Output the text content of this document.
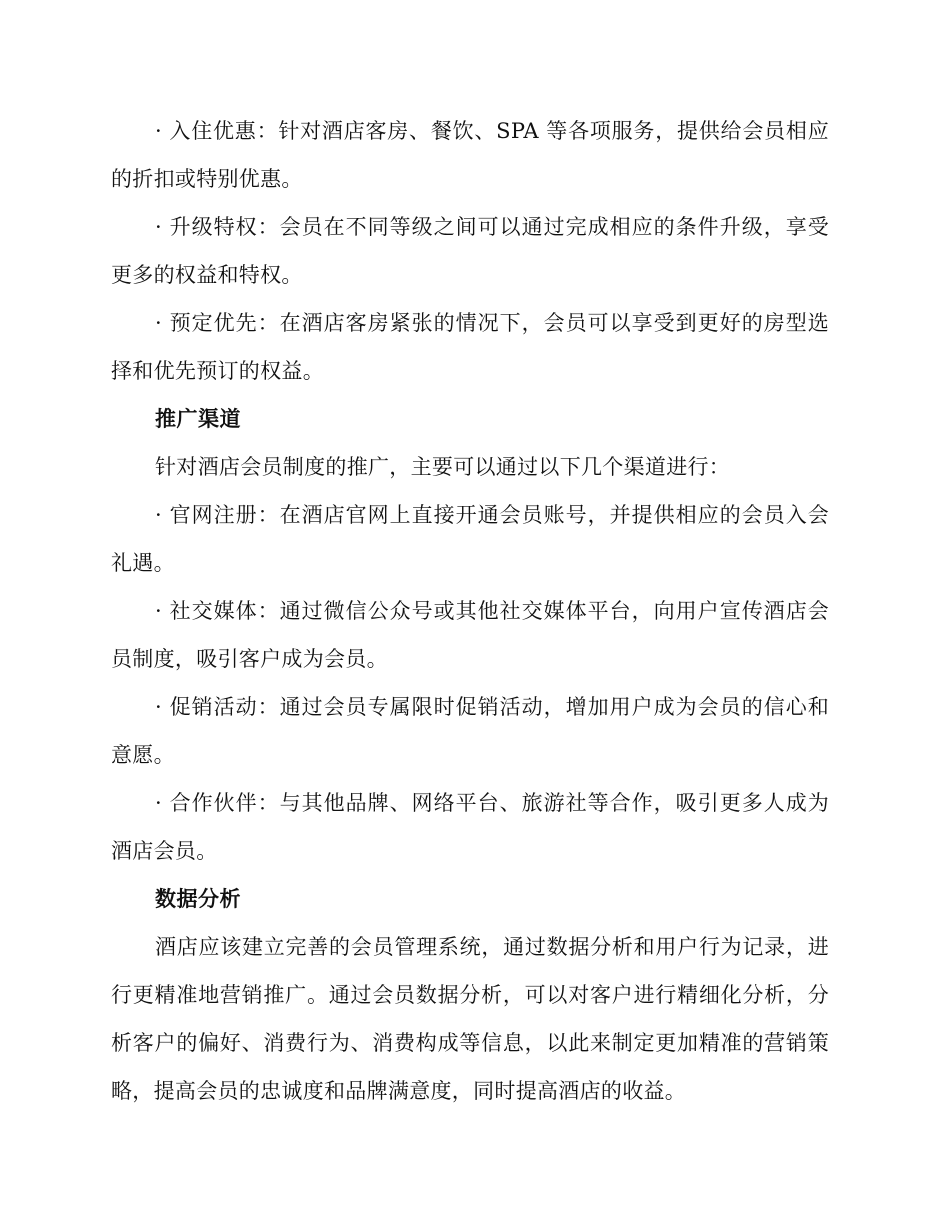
· 入住优惠：针对酒店客房、餐饮、SPA 等各项服务，提供给会员相应的折扣或特别优惠。

· 升级特权：会员在不同等级之间可以通过完成相应的条件升级，享受更多的权益和特权。

· 预定优先：在酒店客房紧张的情况下，会员可以享受到更好的房型选择和优先预订的权益。

推广渠道

针对酒店会员制度的推广，主要可以通过以下几个渠道进行：

· 官网注册：在酒店官网上直接开通会员账号，并提供相应的会员入会礼遇。

· 社交媒体：通过微信公众号或其他社交媒体平台，向用户宣传酒店会员制度，吸引客户成为会员。

· 促销活动：通过会员专属限时促销活动，增加用户成为会员的信心和意愿。

· 合作伙伴：与其他品牌、网络平台、旅游社等合作，吸引更多人成为酒店会员。

数据分析

酒店应该建立完善的会员管理系统，通过数据分析和用户行为记录，进行更精准地营销推广。通过会员数据分析，可以对客户进行精细化分析，分析客户的偏好、消费行为、消费构成等信息，以此来制定更加精准的营销策略，提高会员的忠诚度和品牌满意度，同时提高酒店的收益。
